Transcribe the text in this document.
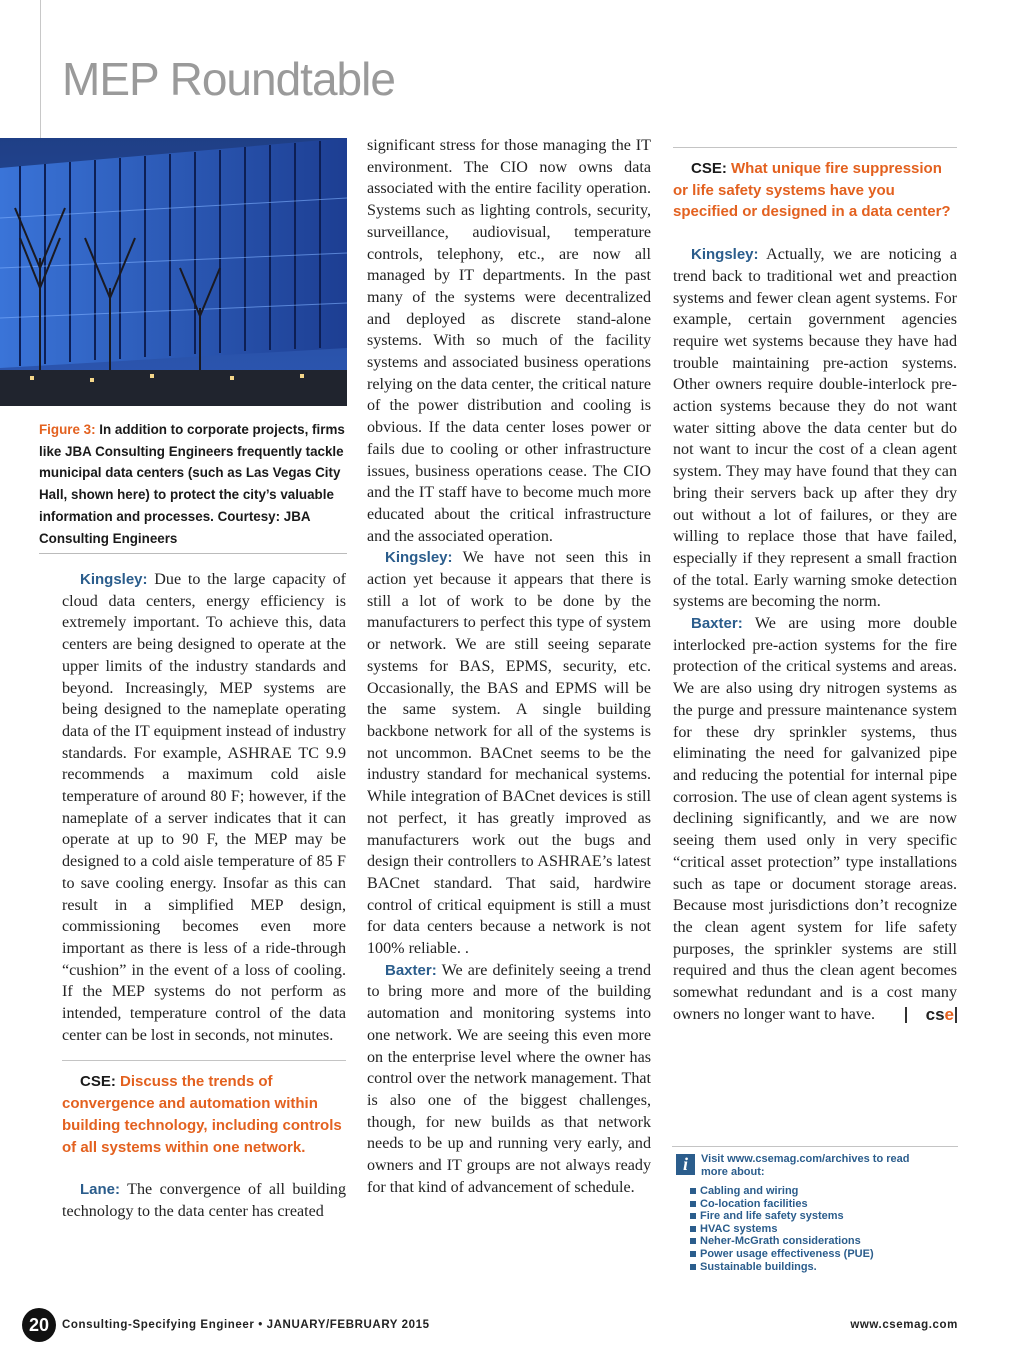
MEP Roundtable
Figure 3: In addition to corporate projects, firms like JBA Consulting Engineers frequently tackle municipal data centers (such as Las Vegas City Hall, shown here) to protect the city’s valuable information and processes. Courtesy: JBA Consulting Engineers

Kingsley: Due to the large capacity of cloud data centers, energy efficiency is extremely important. To achieve this, data centers are being designed to operate at the upper limits of the industry standards and beyond. Increasingly, MEP systems are being designed to the nameplate operating data of the IT equipment instead of industry standards. For example, ASHRAE TC 9.9 recommends a maximum cold aisle temperature of around 80 F; however, if the nameplate of a server indicates that it can operate at up to 90 F, the MEP may be designed to a cold aisle temperature of 85 F to save cooling energy. Insofar as this can result in a simplified MEP design, commissioning becomes even more important as there is less of a ride-through “cushion” in the event of a loss of cooling. If the MEP systems do not perform as intended, temperature control of the data center can be lost in seconds, not minutes.

CSE: Discuss the trends of convergence and automation within building technology, including controls of all systems within one network.

Lane: The convergence of all building technology to the data center has created

significant stress for those managing the IT environment. The CIO now owns data associated with the entire facility operation. Systems such as lighting controls, security, surveillance, audiovisual, temperature controls, telephony, etc., are now all managed by IT departments. In the past many of the systems were decentralized and deployed as discrete stand-alone systems. With so much of the facility systems and associated business operations relying on the data center, the critical nature of the power distribution and cooling is obvious. If the data center loses power or fails due to cooling or other infrastructure issues, business operations cease. The CIO and the IT staff have to become much more educated about the critical infrastructure and the associated operation.

Kingsley: We have not seen this in action yet because it appears that there is still a lot of work to be done by the manufacturers to perfect this type of system or network. We are still seeing separate systems for BAS, EPMS, security, etc. Occasionally, the BAS and EPMS will be the same system. A single building backbone network for all of the systems is not uncommon. BACnet seems to be the industry standard for mechanical systems. While integration of BACnet devices is still not perfect, it has greatly improved as manufacturers work out the bugs and design their controllers to ASHRAE’s latest BACnet standard. That said, hardwire control of critical equipment is still a must for data centers because a network is not 100% reliable. .

Baxter: We are definitely seeing a trend to bring more and more of the building automation and monitoring systems into one network. We are seeing this even more on the enterprise level where the owner has control over the network management. That is also one of the biggest challenges, though, for new builds as that network needs to be up and running very early, and owners and IT groups are not always ready for that kind of advancement of schedule.

CSE: What unique fire suppression or life safety systems have you specified or designed in a data center?

Kingsley: Actually, we are noticing a trend back to traditional wet and preaction systems and fewer clean agent systems. For example, certain government agencies require wet systems because they have had trouble maintaining pre-action systems. Other owners require double-interlock pre-action systems because they do not want water sitting above the data center but do not want to incur the cost of a clean agent system. They may have found that they can bring their servers back up after they dry out without a lot of failures, or they are willing to replace those that have failed, especially if they represent a small fraction of the total. Early warning smoke detection systems are becoming the norm.

Baxter: We are using more double interlocked pre-action systems for the fire protection of the critical systems and areas. We are also using dry nitrogen systems as the purge and pressure maintenance system for these dry sprinkler systems, thus eliminating the need for galvanized pipe and reducing the potential for internal pipe corrosion. The use of clean agent systems is declining significantly, and we are now seeing them used only in very specific “critical asset protection” type installations such as tape or document storage areas. Because most jurisdictions don’t recognize the clean agent system for life safety purposes, the sprinkler systems are still required and thus the clean agent becomes somewhat redundant and is a cost many owners no longer want to have.	cse

i	Visit www.csemag.com/archives to read more about:
Cabling and wiring
Co-location facilities
Fire and life safety systems
HVAC systems
Neher-McGrath considerations
Power usage effectiveness (PUE)
Sustainable buildings.
20	Consulting-Specifying Engineer • JANUARY/FEBRUARY 2015	www.csemag.com
